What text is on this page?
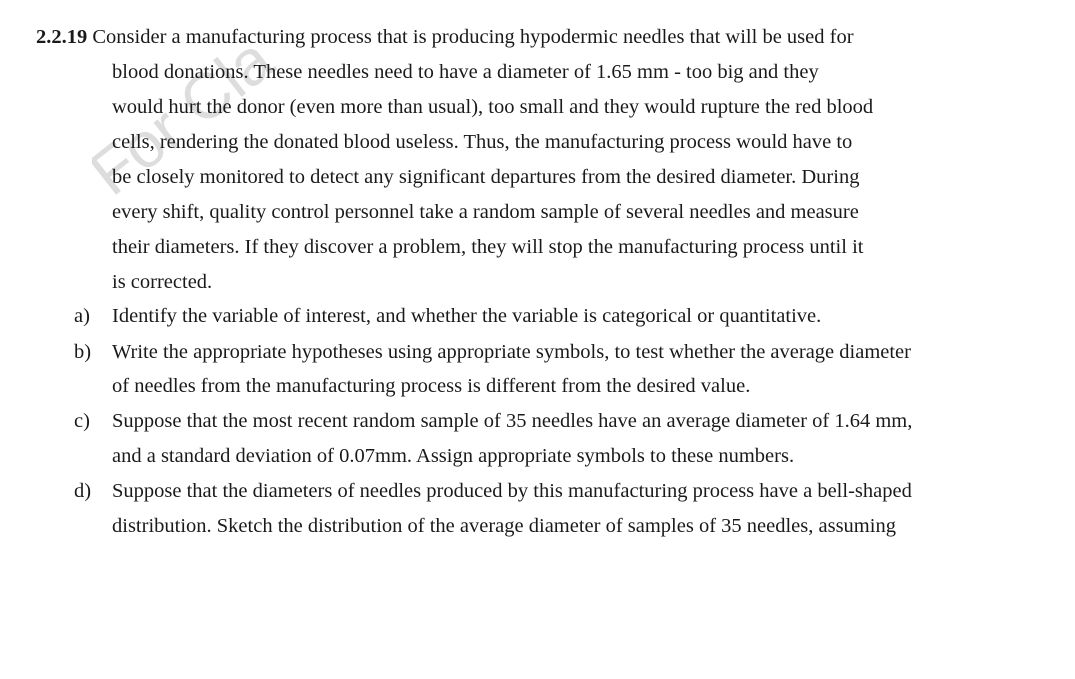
For Cla
2.2.19 Consider a manufacturing process that is producing hypodermic needles that will be used for
blood donations. These needles need to have a diameter of 1.65 mm - too big and they
would hurt the donor (even more than usual), too small and they would rupture the red blood
cells, rendering the donated blood useless. Thus, the manufacturing process would have to
be closely monitored to detect any significant departures from the desired diameter. During
every shift, quality control personnel take a random sample of several needles and measure
their diameters. If they discover a problem, they will stop the manufacturing process until it
is corrected.
a) Identify the variable of interest, and whether the variable is categorical or quantitative.
b) Write the appropriate hypotheses using appropriate symbols, to test whether the average diameter
of needles from the manufacturing process is different from the desired value.
c) Suppose that the most recent random sample of 35 needles have an average diameter of 1.64 mm,
and a standard deviation of 0.07mm. Assign appropriate symbols to these numbers.
d) Suppose that the diameters of needles produced by this manufacturing process have a bell-shaped
distribution. Sketch the distribution of the average diameter of samples of 35 needles, assuming
